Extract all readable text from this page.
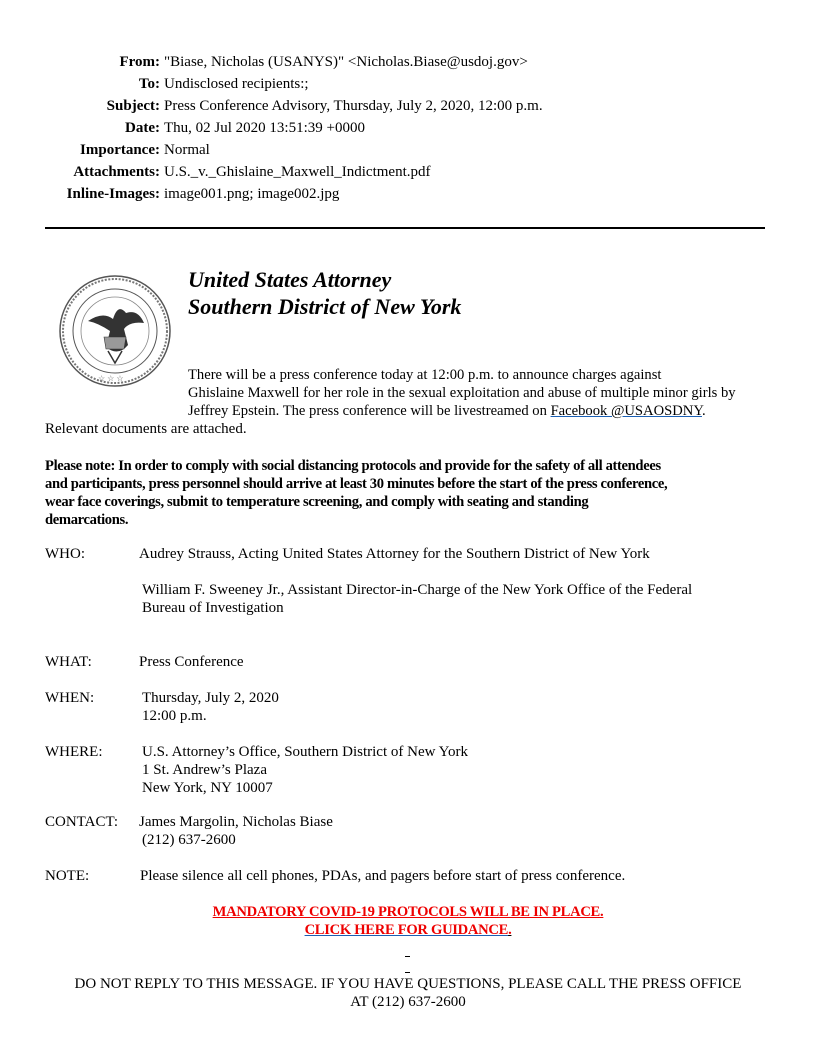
From: "Biase, Nicholas (USANYS)" <Nicholas.Biase@usdoj.gov>
To: Undisclosed recipients:;
Subject: Press Conference Advisory, Thursday, July 2, 2020, 12:00 p.m.
Date: Thu, 02 Jul 2020 13:51:39 +0000
Importance: Normal
Attachments: U.S._v._Ghislaine_Maxwell_Indictment.pdf
Inline-Images: image001.png; image002.jpg
☆ ☆ ☆
United States Attorney
Southern District of New York
There will be a press conference today at 12:00 p.m. to announce charges against
Ghislaine Maxwell for her role in the sexual exploitation and abuse of multiple minor girls by
Jeffrey Epstein. The press conference will be livestreamed on Facebook @USAOSDNY.
Relevant documents are attached.
Please note: In order to comply with social distancing protocols and provide for the safety of all attendees
and participants, press personnel should arrive at least 30 minutes before the start of the press conference,
wear face coverings, submit to temperature screening, and comply with seating and standing
demarcations.
WHO:	Audrey Strauss, Acting United States Attorney for the Southern District of New York
William F. Sweeney Jr., Assistant Director-in-Charge of the New York Office of the Federal
Bureau of Investigation
WHAT:	Press Conference
WHEN:	Thursday, July 2, 2020
12:00 p.m.
WHERE:	U.S. Attorney’s Office, Southern District of New York
1 St. Andrew’s Plaza
New York, NY 10007
CONTACT: James Margolin, Nicholas Biase
(212) 637-2600
NOTE:	Please silence all cell phones, PDAs, and pagers before start of press conference.
MANDATORY COVID-19 PROTOCOLS WILL BE IN PLACE.
CLICK HERE FOR GUIDANCE.
DO NOT REPLY TO THIS MESSAGE. IF YOU HAVE QUESTIONS, PLEASE CALL THE PRESS OFFICE
AT (212) 637-2600
